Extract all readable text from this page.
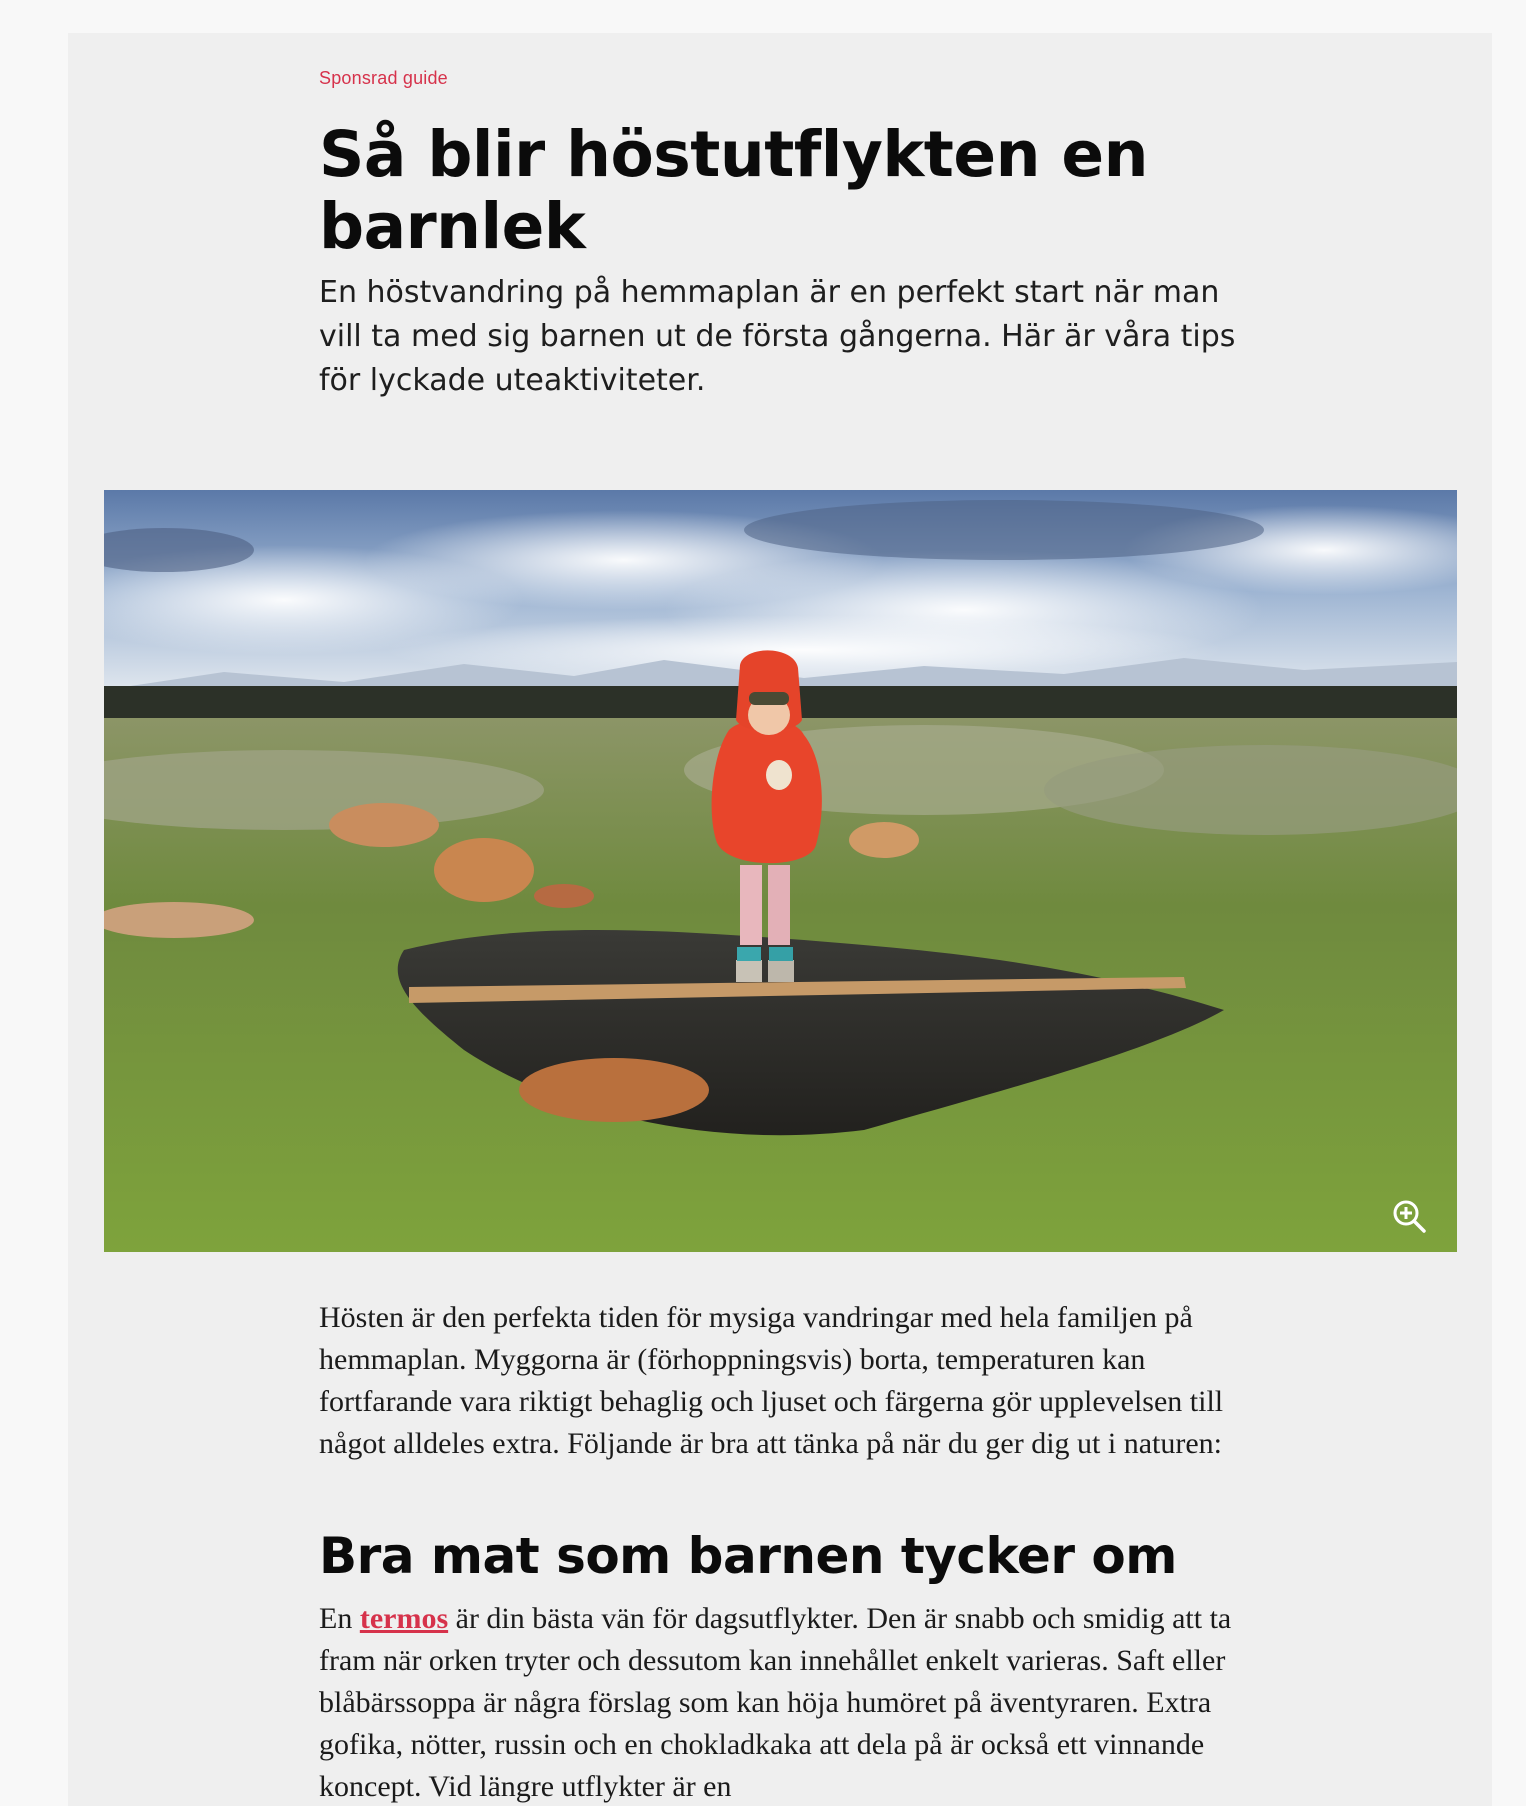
Sponsrad guide
Så blir höstutflykten en barnlek

En höstvandring på hemmaplan är en perfekt start när man vill ta med sig barnen ut de första gångerna. Här är våra tips för lyckade uteaktiviteter.

Hösten är den perfekta tiden för mysiga vandringar med hela familjen på hemmaplan. Myggorna är (förhoppningsvis) borta, temperaturen kan fortfarande vara riktigt behaglig och ljuset och färgerna gör upplevelsen till något alldeles extra. Följande är bra att tänka på när du ger dig ut i naturen:

Bra mat som barnen tycker om

En termos är din bästa vän för dagsutflykter. Den är snabb och smidig att ta fram när orken tryter och dessutom kan innehållet enkelt varieras. Saft eller blåbärssoppa är några förslag som kan höja humöret på äventyraren. Extra gofika, nötter, russin och en chokladkaka att dela på är också ett vinnande koncept. Vid längre utflykter är en
